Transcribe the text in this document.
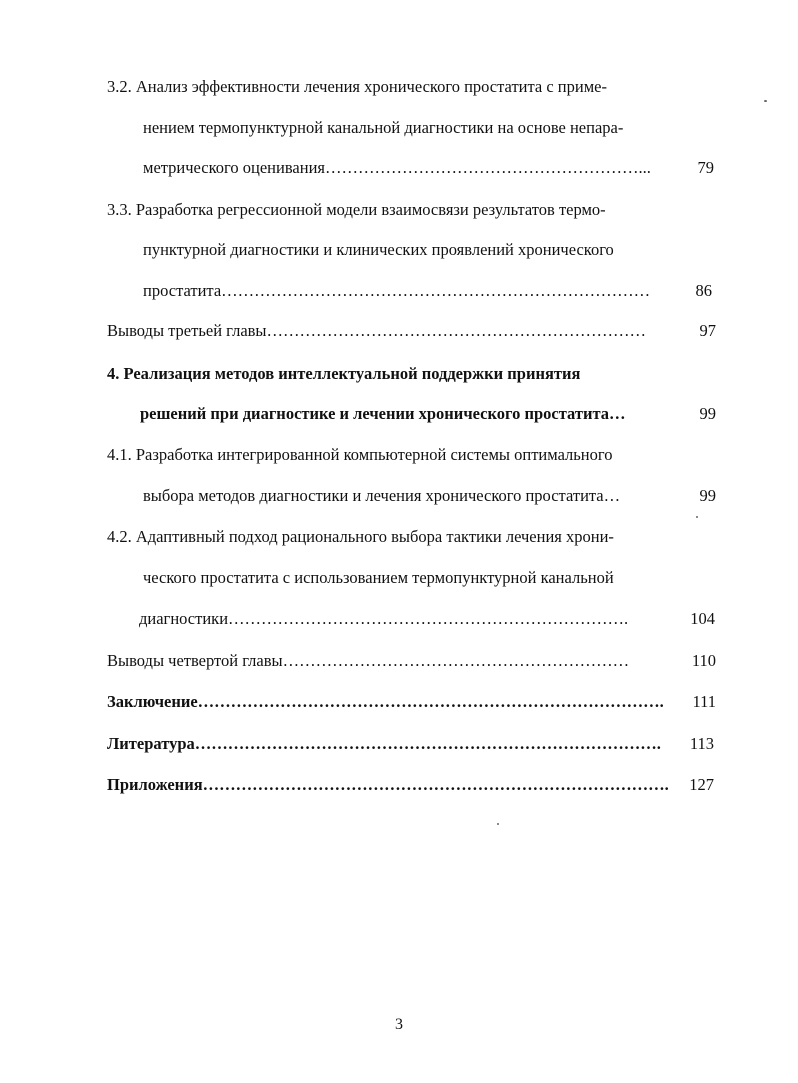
3.2. Анализ эффективности лечения хронического простатита с приме-
нением термопунктурной канальной диагностики на основе непара-
метрического оценивания…………………………………………………...	79
3.3. Разработка регрессионной модели взаимосвязи результатов термо-
пунктурной диагностики и клинических проявлений хронического
простатита……………………………………………………………………	86
Выводы третьей главы……………………………………………………………	97
4. Реализация методов интеллектуальной поддержки принятия
решений при диагностике и лечении хронического простатита…	99
4.1. Разработка интегрированной компьютерной системы оптимального
выбора методов диагностики и лечения хронического простатита…	99
4.2. Адаптивный подход рационального выбора тактики лечения хрони-
ческого простатита с использованием термопунктурной канальной
диагностики……………………………………………………………….	104
Выводы четвертой главы………………………………………………………	110
Заключение………………………………………………………………………….	111
Литература………………………………………………………………………….	113
Приложения………………………………………………………………………….	127
3
